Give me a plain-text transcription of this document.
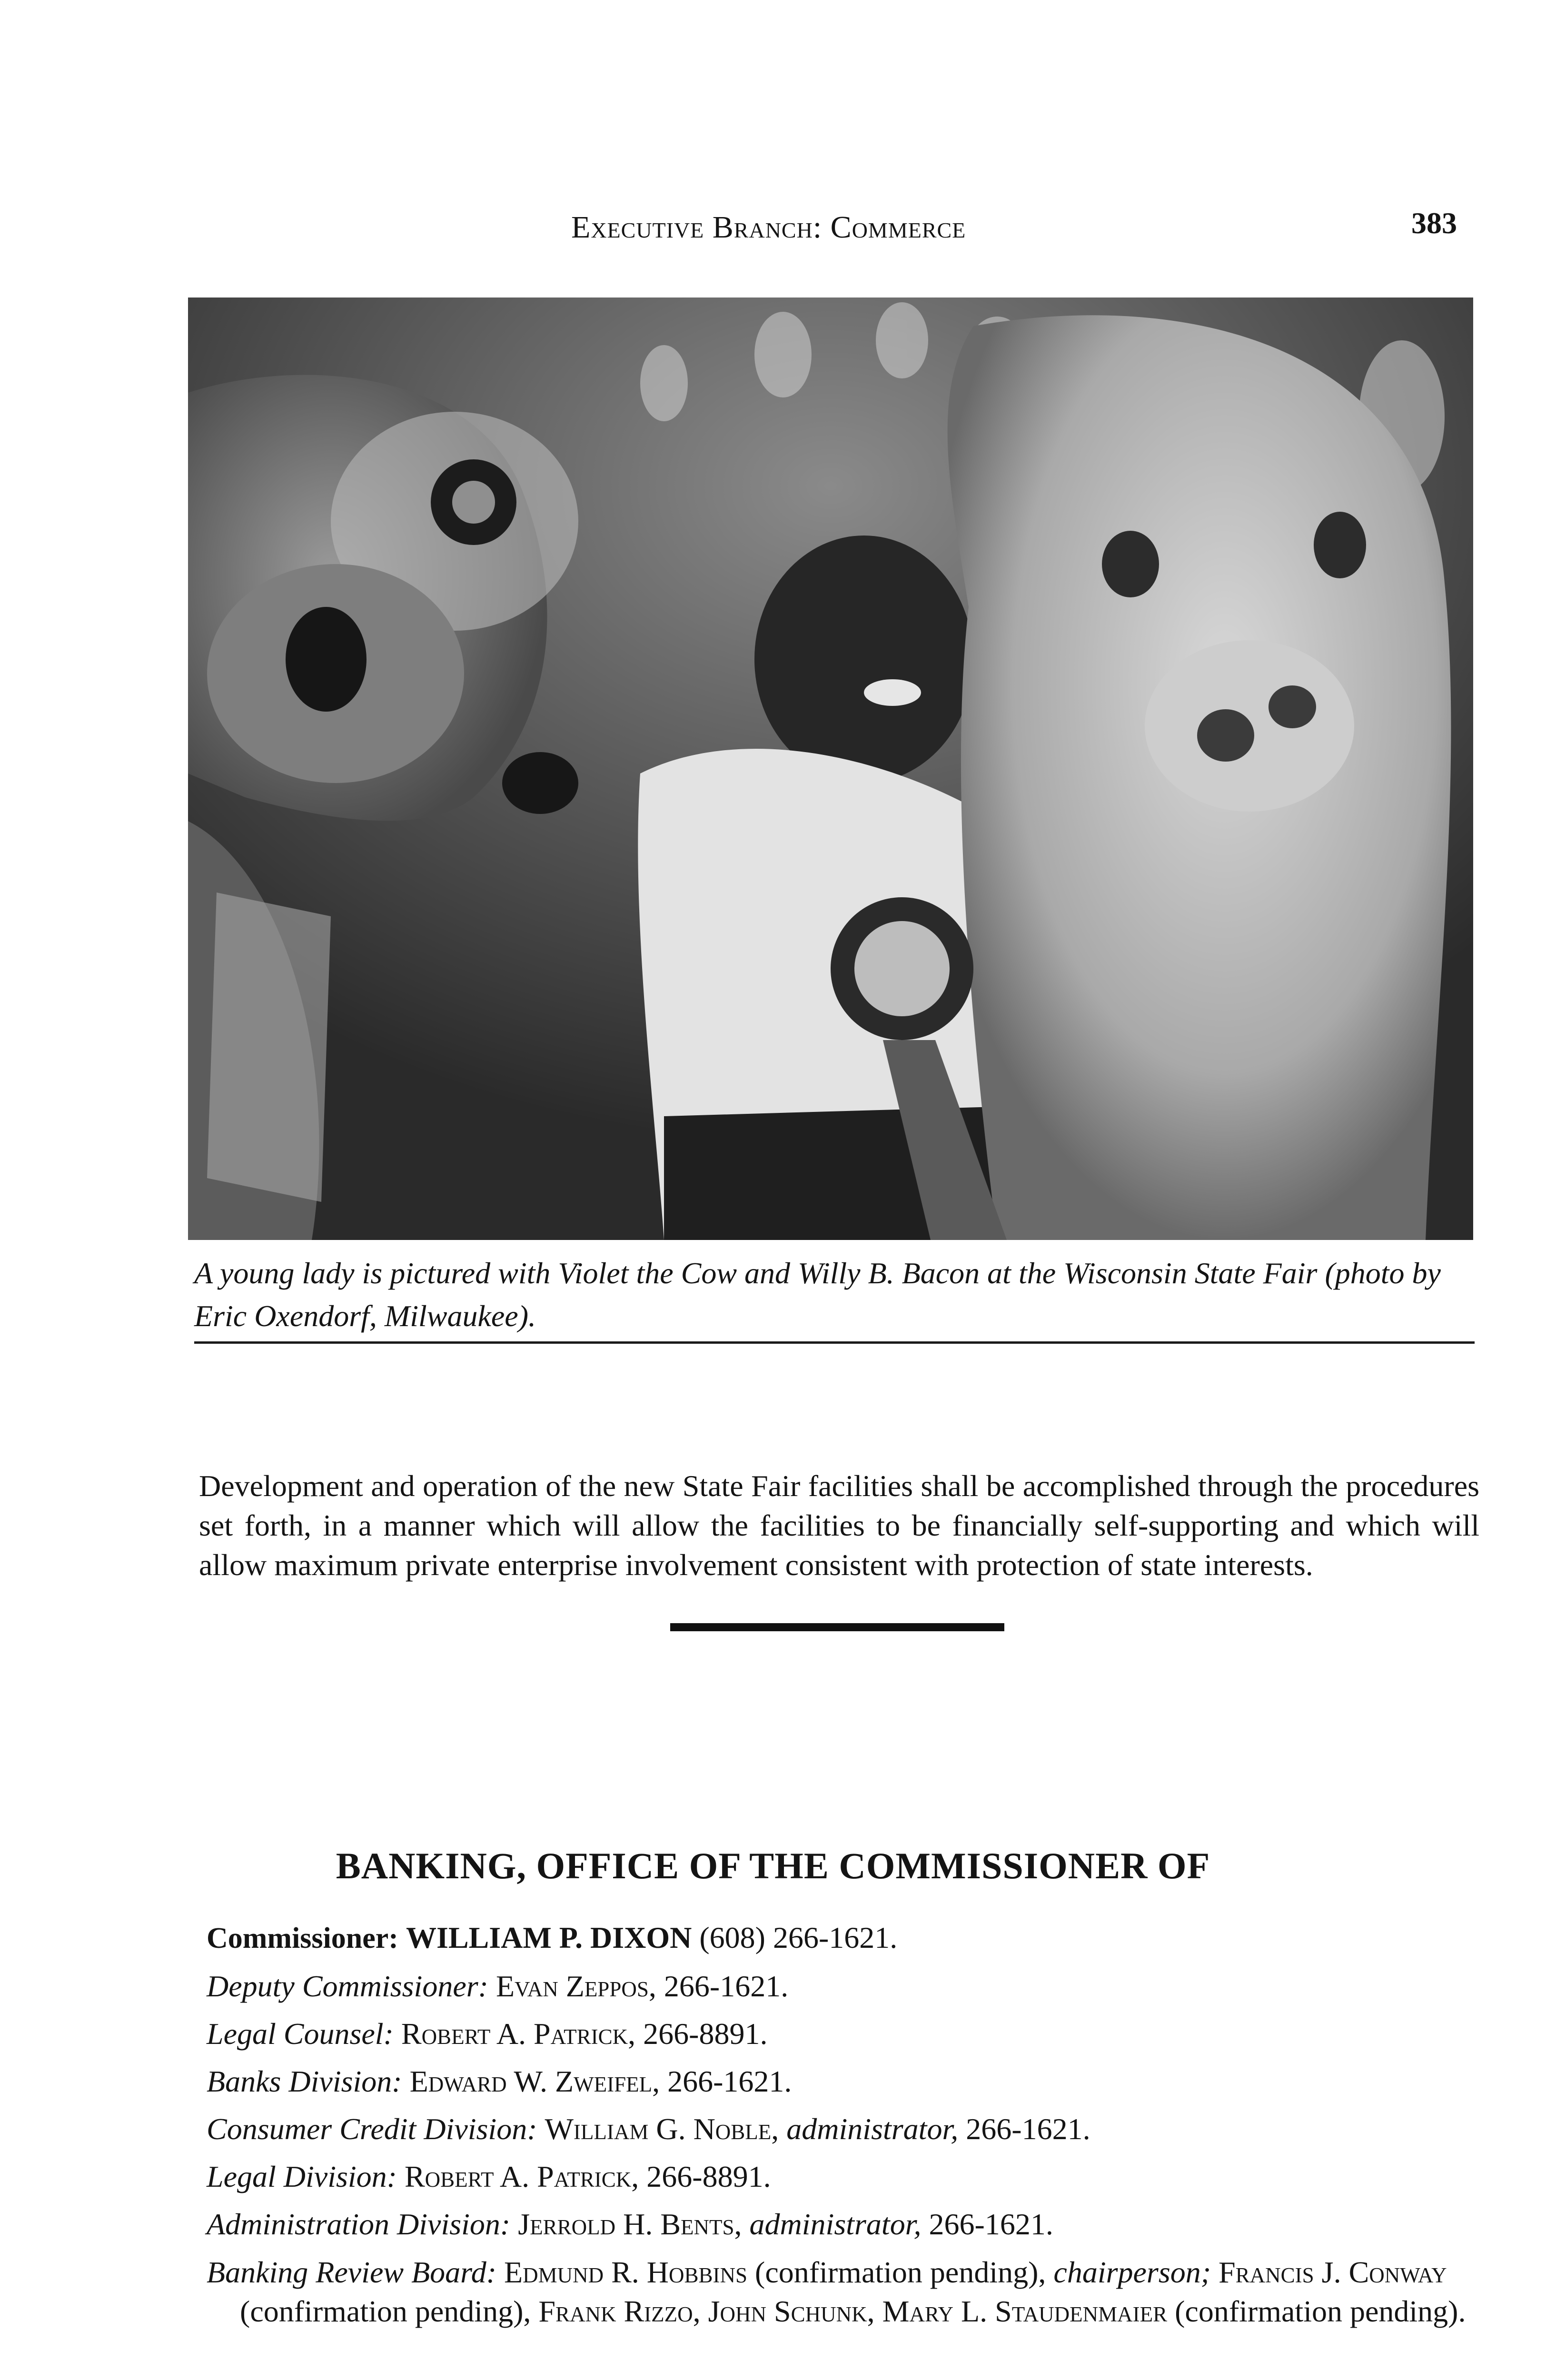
Executive Branch: Commerce	383
A young lady is pictured with Violet the Cow and Willy B. Bacon at the Wisconsin State Fair (photo by Eric Oxendorf, Milwaukee).
Development and operation of the new State Fair facilities shall be accomplished through the procedures set forth, in a manner which will allow the facilities to be financially self-supporting and which will allow maximum private enterprise involvement consistent with protection of state interests.
BANKING, OFFICE OF THE COMMISSIONER OF
Commissioner: WILLIAM P. DIXON (608) 266-1621.
Deputy Commissioner: Evan Zeppos, 266-1621.
Legal Counsel: Robert A. Patrick, 266-8891.
Banks Division: Edward W. Zweifel, 266-1621.
Consumer Credit Division: William G. Noble, administrator, 266-1621.
Legal Division: Robert A. Patrick, 266-8891.
Administration Division: Jerrold H. Bents, administrator, 266-1621.
Banking Review Board: Edmund R. Hobbins (confirmation pending), chairperson; Francis J. Conway (confirmation pending), Frank Rizzo, John Schunk, Mary L. Staudenmaier (confirmation pending).
